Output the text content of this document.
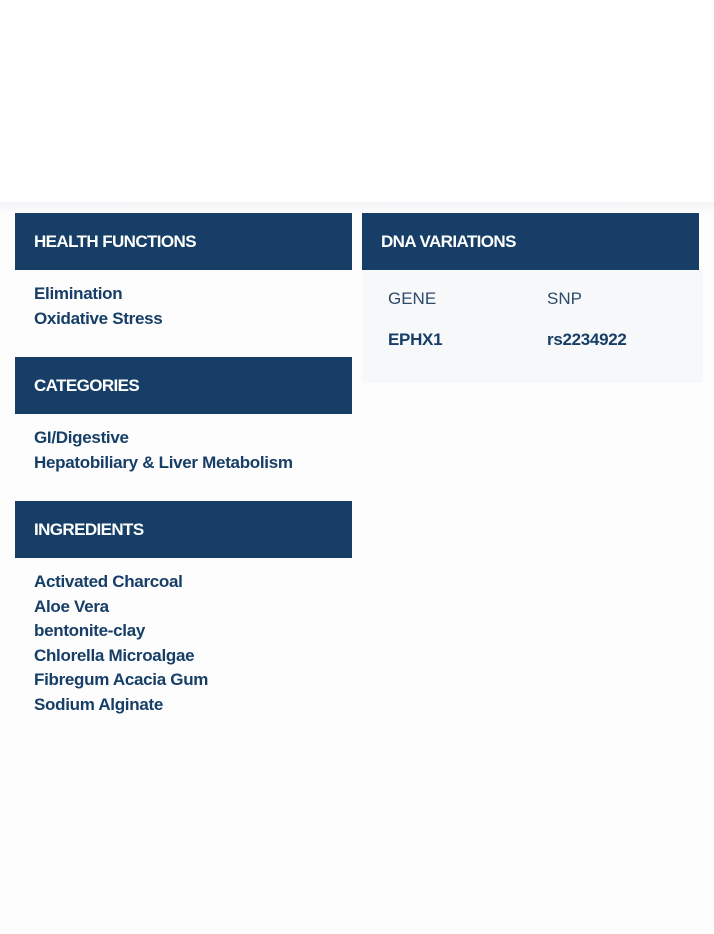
HEALTH FUNCTIONS
Elimination
Oxidative Stress
CATEGORIES
GI/Digestive
Hepatobiliary & Liver Metabolism
INGREDIENTS
Activated Charcoal
Aloe Vera
bentonite-clay
Chlorella Microalgae
Fibregum Acacia Gum
Sodium Alginate
DNA VARIATIONS
GENE	SNP
EPHX1	rs2234922
